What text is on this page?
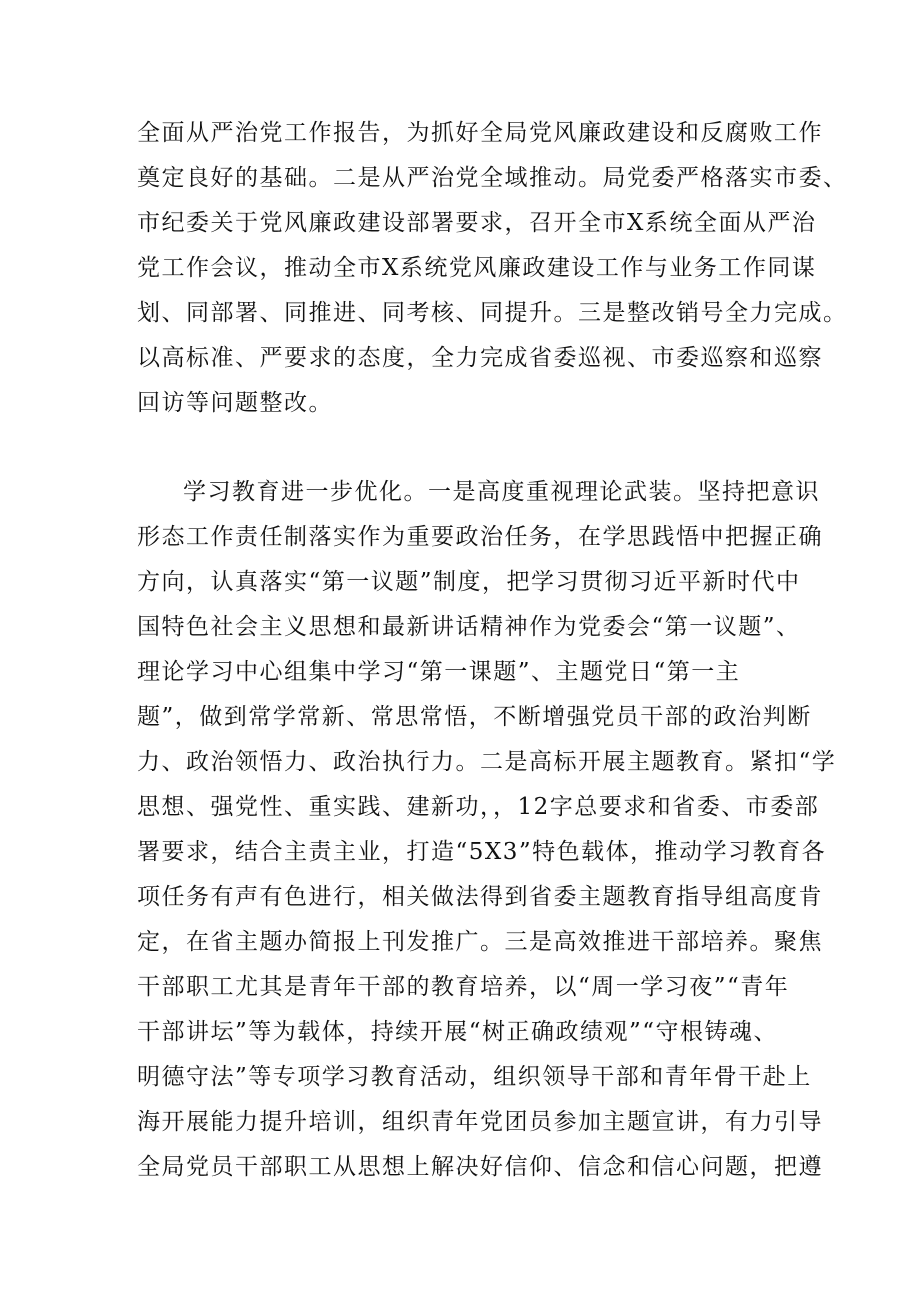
全面从严治党工作报告，为抓好全局党风廉政建设和反腐败工作
奠定良好的基础。二是从严治党全域推动。局党委严格落实市委、
市纪委关于党风廉政建设部署要求，召开全市X系统全面从严治
党工作会议，推动全市X系统党风廉政建设工作与业务工作同谋
划、同部署、同推进、同考核、同提升。三是整改销号全力完成。
以高标准、严要求的态度，全力完成省委巡视、市委巡察和巡察
回访等问题整改。
学习教育进一步优化。一是高度重视理论武装。坚持把意识
形态工作责任制落实作为重要政治任务，在学思践悟中把握正确
方向，认真落实“第一议题”制度，把学习贯彻习近平新时代中
国特色社会主义思想和最新讲话精神作为党委会“第一议题”、
理论学习中心组集中学习“第一课题”、主题党日“第一主
题”，做到常学常新、常思常悟，不断增强党员干部的政治判断
力、政治领悟力、政治执行力。二是高标开展主题教育。紧扣“学
思想、强党性、重实践、建新功，，12字总要求和省委、市委部
署要求，结合主责主业，打造“5X3”特色载体，推动学习教育各
项任务有声有色进行，相关做法得到省委主题教育指导组高度肯
定，在省主题办简报上刊发推广。三是高效推进干部培养。聚焦
干部职工尤其是青年干部的教育培养，以“周一学习夜”“青年
干部讲坛”等为载体，持续开展“树正确政绩观”“守根铸魂、
明德守法”等专项学习教育活动，组织领导干部和青年骨干赴上
海开展能力提升培训，组织青年党团员参加主题宣讲，有力引导
全局党员干部职工从思想上解决好信仰、信念和信心问题，把遵
